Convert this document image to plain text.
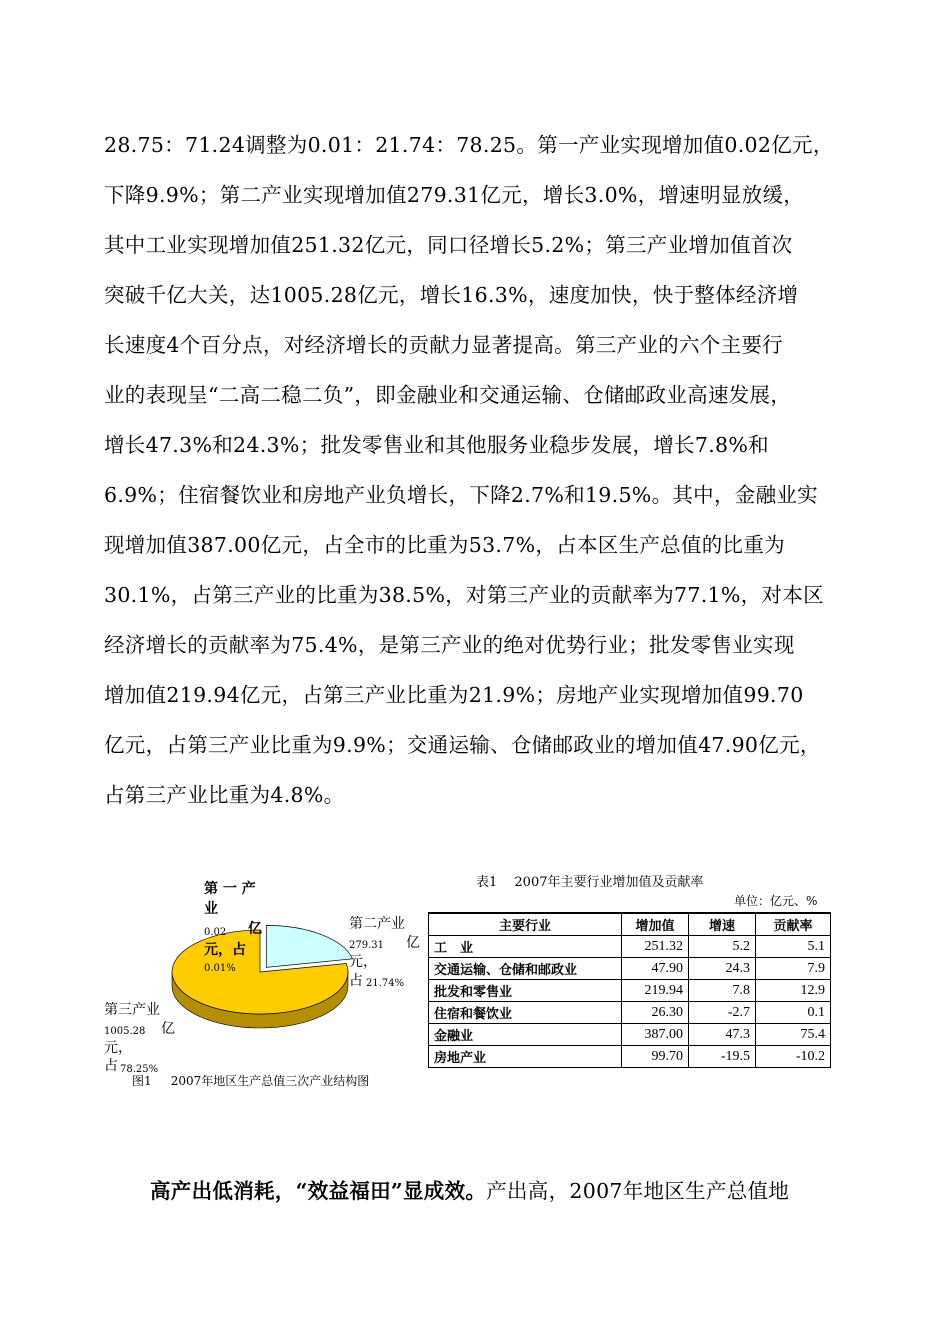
28.75：71.24调整为0.01：21.74：78.25。第一产业实现增加值0.02亿元，
下降9.9%；第二产业实现增加值279.31亿元，增长3.0%，增速明显放缓，
其中工业实现增加值251.32亿元，同口径增长5.2%；第三产业增加值首次
突破千亿大关，达1005.28亿元，增长16.3%，速度加快，快于整体经济增
长速度4个百分点，对经济增长的贡献力显著提高。第三产业的六个主要行
业的表现呈“二高二稳二负”，即金融业和交通运输、仓储邮政业高速发展，
增长47.3%和24.3%；批发零售业和其他服务业稳步发展，增长7.8%和
6.9%；住宿餐饮业和房地产业负增长，下降2.7%和19.5%。其中，金融业实
现增加值387.00亿元，占全市的比重为53.7%，占本区生产总值的比重为
30.1%，占第三产业的比重为38.5%，对第三产业的贡献率为77.1%，对本区
经济增长的贡献率为75.4%，是第三产业的绝对优势行业；批发零售业实现
增加值219.94亿元，占第三产业比重为21.9%；房地产业实现增加值99.70
亿元，占第三产业比重为9.9%；交通运输、仓储邮政业的增加值47.90亿元，
占第三产业比重为4.8%。
第 一 产
业
0.02 亿
元，占
0.01%
第二产业
279.31 亿
元，
占 21.74%
第三产业
1005.28 亿
元，
占 78.25%
图1 2007年地区生产总值三次产业结构图
表1　 2007年主要行业增加值及贡献率
单位：亿元、%
主要行业	增加值	增速	贡献率
工　业	251.32	5.2	5.1
交通运输、仓储和邮政业	47.90	24.3	7.9
批发和零售业	219.94	7.8	12.9
住宿和餐饮业	26.30	-2.7	0.1
金融业	387.00	47.3	75.4
房地产业	99.70	-19.5	-10.2
高产出低消耗，“效益福田”显成效。产出高，2007年地区生产总值地
